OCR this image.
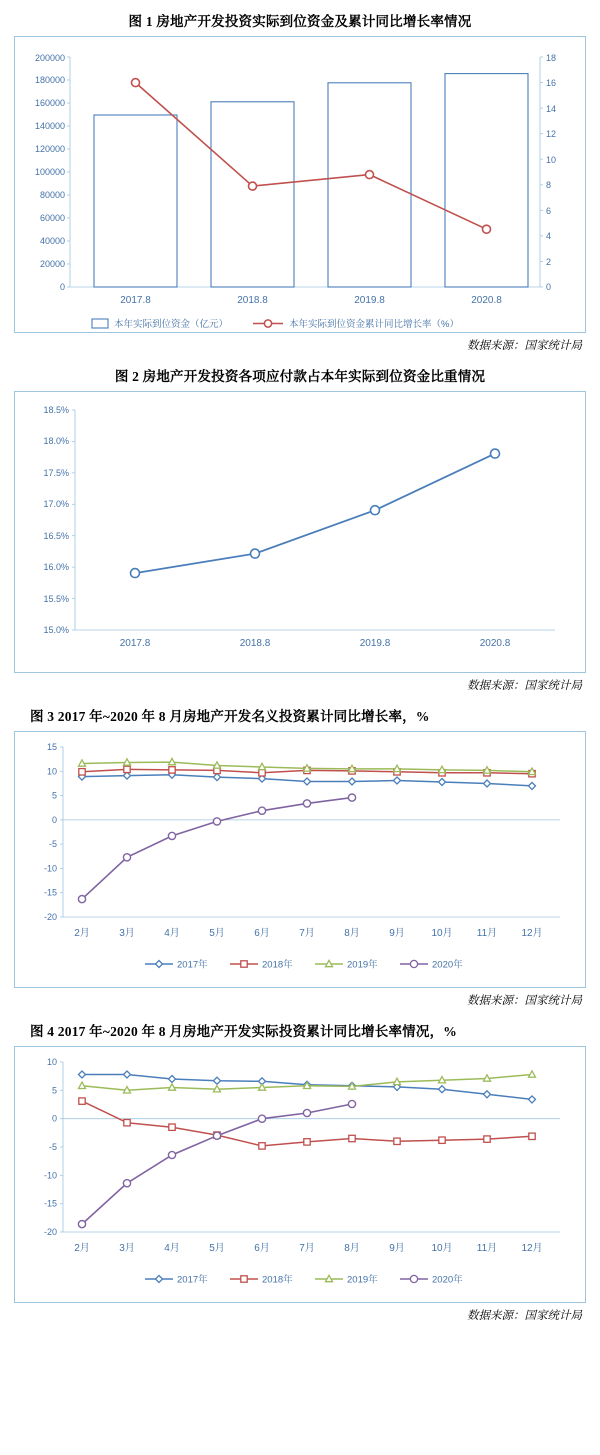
图 1 房地产开发投资实际到位资金及累计同比增长率情况
0
20000
40000
60000
80000
100000
120000
140000
160000
180000
200000
0
2
4
6
8
10
12
14
16
18
2017.8	2018.8	2019.8	2020.8
本年实际到位资金（亿元）	本年实际到位资金累计同比增长率（%）
数据来源：国家统计局
图 2 房地产开发投资各项应付款占本年实际到位资金比重情况
15.0%
15.5%
16.0%
16.5%
17.0%
17.5%
18.0%
18.5%
2017.8	2018.8	2019.8	2020.8
数据来源：国家统计局
图 3 2017 年~2020 年 8 月房地产开发名义投资累计同比增长率，%
15
10
5
0
-5
-10
-15
-20
2月	3月	4月	5月	6月	7月	8月	9月	10月 11月 12月
2017年	2018年	2019年	2020年
数据来源：国家统计局
图 4 2017 年~2020 年 8 月房地产开发实际投资累计同比增长率情况，%
10
5
0
-5
-10
-15
-20
2月	3月	4月	5月	6月	7月	8月	9月	10月 11月 12月
2017年	2018年	2019年	2020年
数据来源：国家统计局
